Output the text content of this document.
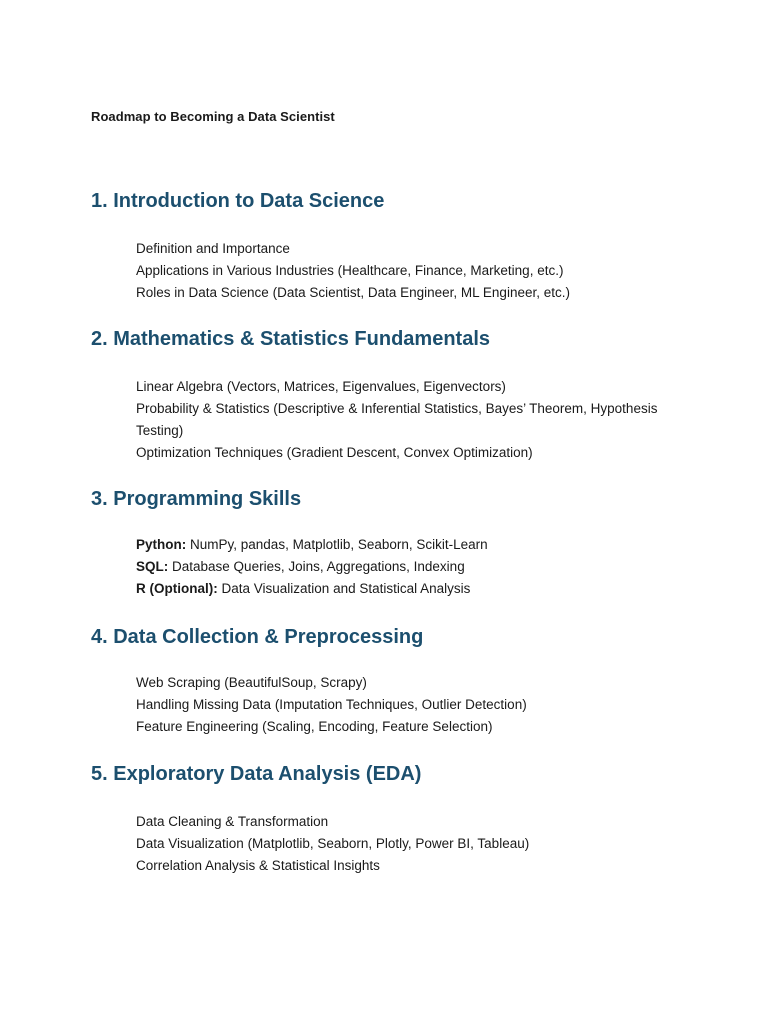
Roadmap to Becoming a Data Scientist
1. Introduction to Data Science
Definition and Importance
Applications in Various Industries (Healthcare, Finance, Marketing, etc.)
Roles in Data Science (Data Scientist, Data Engineer, ML Engineer, etc.)
2. Mathematics & Statistics Fundamentals
Linear Algebra (Vectors, Matrices, Eigenvalues, Eigenvectors)
Probability & Statistics (Descriptive & Inferential Statistics, Bayes’ Theorem, Hypothesis Testing)
Optimization Techniques (Gradient Descent, Convex Optimization)
3. Programming Skills
Python: NumPy, pandas, Matplotlib, Seaborn, Scikit-Learn
SQL: Database Queries, Joins, Aggregations, Indexing
R (Optional): Data Visualization and Statistical Analysis
4. Data Collection & Preprocessing
Web Scraping (BeautifulSoup, Scrapy)
Handling Missing Data (Imputation Techniques, Outlier Detection)
Feature Engineering (Scaling, Encoding, Feature Selection)
5. Exploratory Data Analysis (EDA)
Data Cleaning & Transformation
Data Visualization (Matplotlib, Seaborn, Plotly, Power BI, Tableau)
Correlation Analysis & Statistical Insights
